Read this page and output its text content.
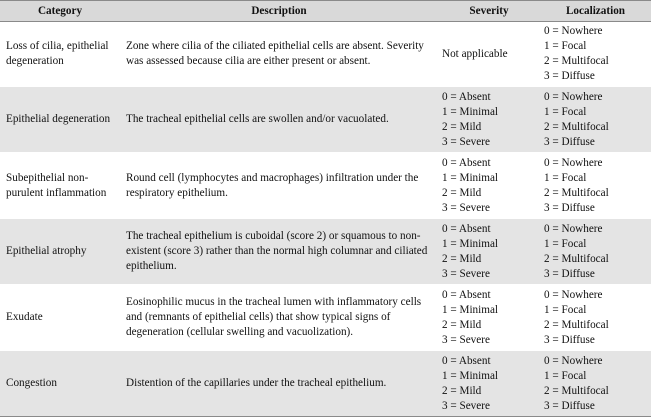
Category	Description	Severity	Localization
Loss of cilia, epithelial degeneration	Zone where cilia of the ciliated epithelial cells are absent. Severity was assessed because cilia are either present or absent.	Not applicable	0 = Nowhere
1 = Focal
2 = Multifocal
3 = Diffuse

Epithelial degeneration	The tracheal epithelial cells are swollen and/or vacuolated.	0 = Absent
1 = Minimal
2 = Mild
3 = Severe	0 = Nowhere
1 = Focal
2 = Multifocal
3 = Diffuse

Subepithelial non-purulent inflammation	Round cell (lymphocytes and macrophages) infiltration under the respiratory epithelium.	0 = Absent
1 = Minimal
2 = Mild
3 = Severe	0 = Nowhere
1 = Focal
2 = Multifocal
3 = Diffuse

Epithelial atrophy	The tracheal epithelium is cuboidal (score 2) or squamous to non-existent (score 3) rather than the normal high columnar and ciliated epithelium.	0 = Absent
1 = Minimal
2 = Mild
3 = Severe	0 = Nowhere
1 = Focal
2 = Multifocal
3 = Diffuse

Exudate	Eosinophilic mucus in the tracheal lumen with inflammatory cells and (remnants of epithelial cells) that show typical signs of degeneration (cellular swelling and vacuolization).	0 = Absent
1 = Minimal
2 = Mild
3 = Severe	0 = Nowhere
1 = Focal
2 = Multifocal
3 = Diffuse

Congestion	Distention of the capillaries under the tracheal epithelium.	0 = Absent
1 = Minimal
2 = Mild
3 = Severe	0 = Nowhere
1 = Focal
2 = Multifocal
3 = Diffuse
